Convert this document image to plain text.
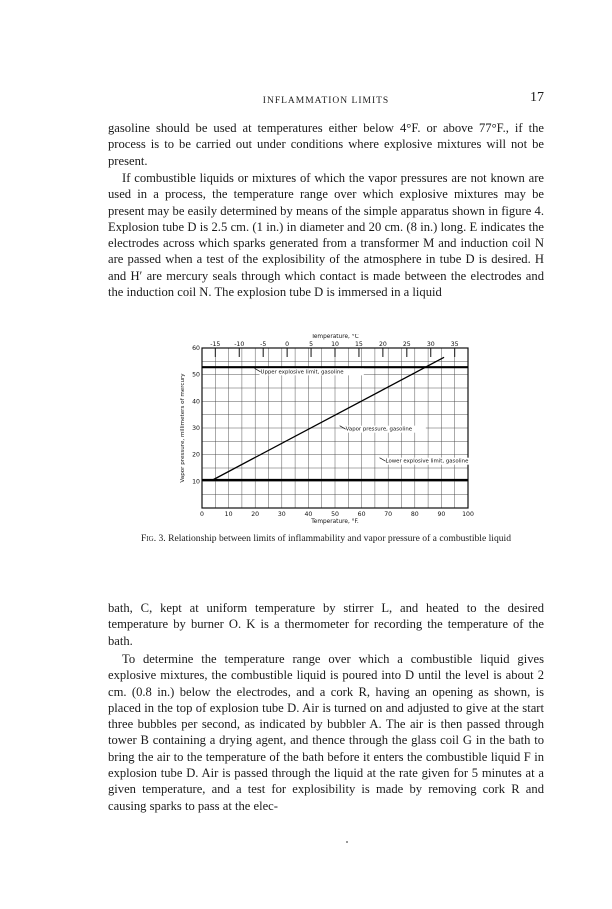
INFLAMMATION LIMITS	17

gasoline should be used at temperatures either below 4°F. or above 77°F., if the process is to be carried out under conditions where explosive mixtures will not be present.

If combustible liquids or mixtures of which the vapor pressures are not known are used in a process, the temperature range over which explosive mixtures may be present may be easily determined by means of the simple apparatus shown in figure 4. Explosion tube D is 2.5 cm. (1 in.) in diameter and 20 cm. (8 in.) long. E indicates the electrodes across which sparks generated from a transformer M and induction coil N are passed when a test of the explosibility of the atmosphere in tube D is desired. H and H′ are mercury seals through which contact is made between the electrodes and the induction coil N. The explosion tube D is immersed in a liquid

Upper explosive limit, gasoline
Vapor pressure, gasoline
Lower explosive limit, gasoline
0	10	20	30	40	50	60	70	80	90	100
-15 -10	-5	0	5	10	15	20	25	30	35
10
20
30
40
50
60
Temperature, °F.
Temperature, °C
Vapor pressure, millimeters of mercury
Fig. 3. Relationship between limits of inflammability and vapor pressure of a combustible liquid

bath, C, kept at uniform temperature by stirrer L, and heated to the desired temperature by burner O. K is a thermometer for recording the temperature of the bath.

To determine the temperature range over which a combustible liquid gives explosive mixtures, the combustible liquid is poured into D until the level is about 2 cm. (0.8 in.) below the electrodes, and a cork R, having an opening as shown, is placed in the top of explosion tube D. Air is turned on and adjusted to give at the start three bubbles per second, as indicated by bubbler A. The air is then passed through tower B containing a drying agent, and thence through the glass coil G in the bath to bring the air to the temperature of the bath before it enters the combustible liquid F in explosion tube D. Air is passed through the liquid at the rate given for 5 minutes at a given temperature, and a test for explosibility is made by removing cork R and causing sparks to pass at the elec-
